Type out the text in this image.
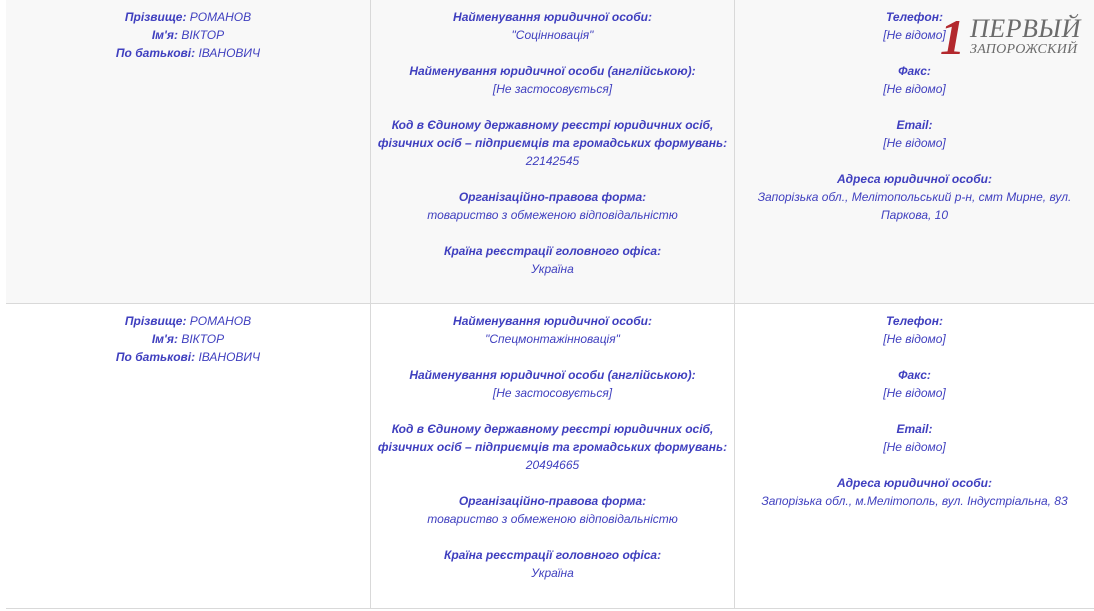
Прізвище: РОМАНОВ
Ім'я: ВІКТОР
По батькові: ІВАНОВИЧ
Найменування юридичної особи:
"Соцінновація"
Найменування юридичної особи (англійською):
[Не застосовується]
Код в Єдиному державному реєстрі юридичних осіб,
фізичних осіб – підприємців та громадських формувань:
22142545
Організаційно-правова форма:
товариство з обмеженою відповідальністю
Країна реєстрації головного офіса:
Україна
Телефон:
[Не відомо]
Факс:
[Не відомо]
Email:
[Не відомо]
Адреса юридичної особи:
Запорізька обл., Мелітопольський р-н, смт Мирне, вул. Паркова, 10
Прізвище: РОМАНОВ
Ім'я: ВІКТОР
По батькові: ІВАНОВИЧ
Найменування юридичної особи:
"Спецмонтажінновація"
Найменування юридичної особи (англійською):
[Не застосовується]
Код в Єдиному державному реєстрі юридичних осіб,
фізичних осіб – підприємців та громадських формувань:
20494665
Організаційно-правова форма:
товариство з обмеженою відповідальністю
Країна реєстрації головного офіса:
Україна
Телефон:
[Не відомо]
Факс:
[Не відомо]
Email:
[Не відомо]
Адреса юридичної особи:
Запорізька обл., м.Мелітополь, вул. Індустріальна, 83
1 ПЕРВЫЙ
ЗАПОРОЖСКИЙ
